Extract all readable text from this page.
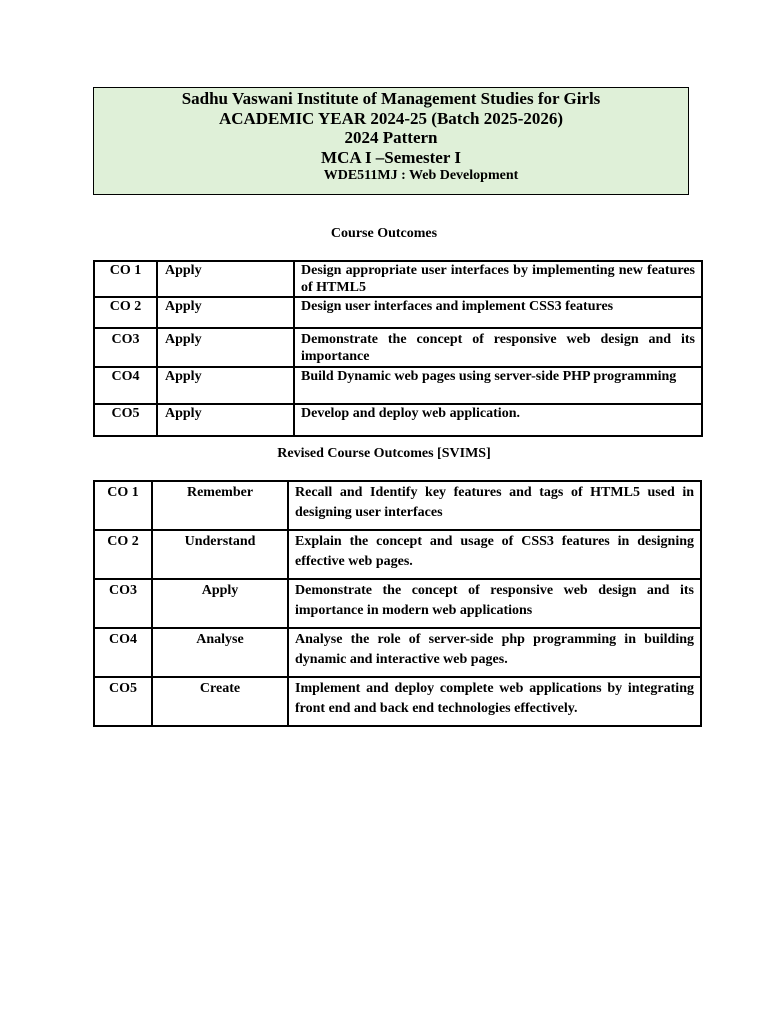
Sadhu Vaswani Institute of Management Studies for Girls
ACADEMIC YEAR 2024-25 (Batch 2025-2026)
2024 Pattern
MCA I –Semester I
WDE511MJ : Web Development
Course Outcomes
CO 1	Apply	Design appropriate user interfaces by implementing new features of HTML5
CO 2	Apply	Design user interfaces and implement CSS3 features
CO3	Apply	Demonstrate the concept of responsive web design and its importance
CO4	Apply	Build Dynamic web pages using server-side PHP programming
CO5	Apply	Develop and deploy web application.
Revised Course Outcomes [SVIMS]
CO 1	Remember	Recall and Identify key features and tags of HTML5 used in designing user interfaces
CO 2	Understand	Explain the concept and usage of CSS3 features in designing effective web pages.
CO3	Apply	Demonstrate the concept of responsive web design and its importance in modern web applications
CO4	Analyse	Analyse the role of server-side php programming in building dynamic and interactive web pages.
CO5	Create	Implement and deploy complete web applications by integrating front end and back end technologies effectively.
